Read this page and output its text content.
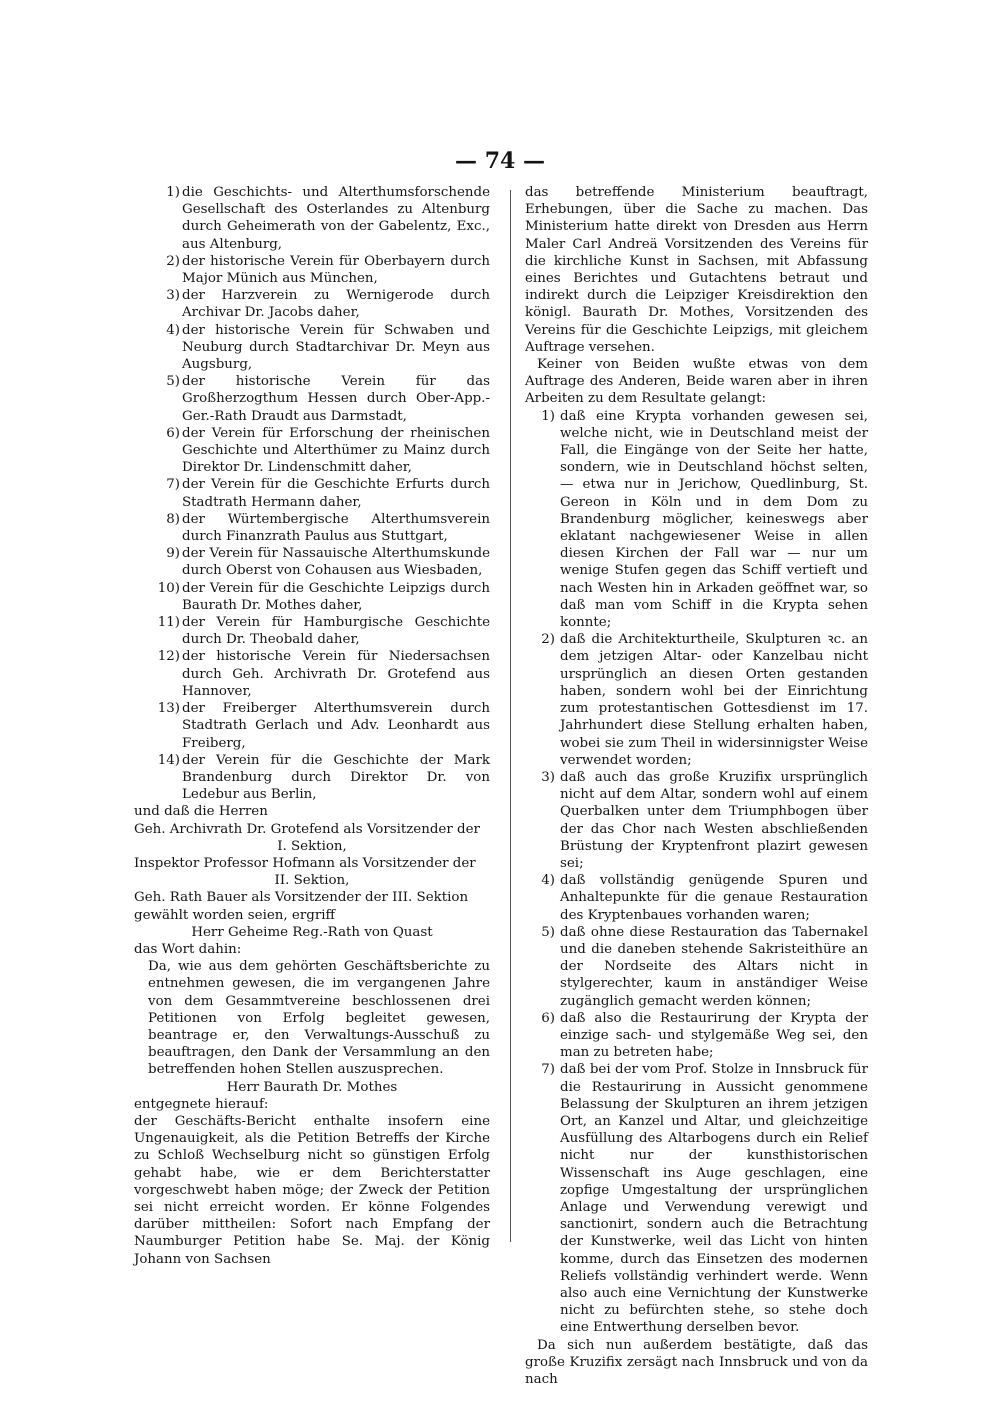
— 74 —
1) die Geschichts- und Alterthumsforschende Gesellschaft des Osterlandes zu Altenburg durch Geheimerath von der Gabelentz, Exc., aus Altenburg,
2) der historische Verein für Oberbayern durch Major Münich aus München,
3) der Harzverein zu Wernigerode durch Archivar Dr. Jacobs daher,
4) der historische Verein für Schwaben und Neuburg durch Stadtarchivar Dr. Meyn aus Augsburg,
5) der historische Verein für das Großherzogthum Hessen durch Ober-App.-Ger.-Rath Draudt aus Darmstadt,
6) der Verein für Erforschung der rheinischen Geschichte und Alterthümer zu Mainz durch Direktor Dr. Lindenschmitt daher,
7) der Verein für die Geschichte Erfurts durch Stadtrath Hermann daher,
8) der Würtembergische Alterthumsverein durch Finanzrath Paulus aus Stuttgart,
9) der Verein für Nassauische Alterthumskunde durch Oberst von Cohausen aus Wiesbaden,
10) der Verein für die Geschichte Leipzigs durch Baurath Dr. Mothes daher,
11) der Verein für Hamburgische Geschichte durch Dr. Theobald daher,
12) der historische Verein für Niedersachsen durch Geh. Archivrath Dr. Grotefend aus Hannover,
13) der Freiberger Alterthumsverein durch Stadtrath Gerlach und Adv. Leonhardt aus Freiberg,
14) der Verein für die Geschichte der Mark Brandenburg durch Direktor Dr. von Ledebur aus Berlin,

und daß die Herren

Geh. Archivrath Dr. Grotefend als Vorsitzender der

I. Sektion,

Inspektor Professor Hofmann als Vorsitzender der

II. Sektion,

Geh. Rath Bauer als Vorsitzender der III. Sektion

gewählt worden seien, ergriff

Herr Geheime Reg.-Rath von Quast

das Wort dahin:

Da, wie aus dem gehörten Geschäftsberichte zu entnehmen gewesen, die im vergangenen Jahre von dem Gesammtvereine beschlossenen drei Petitionen von Erfolg begleitet gewesen, beantrage er, den Verwaltungs-Ausschuß zu beauftragen, den Dank der Versammlung an den betreffenden hohen Stellen auszusprechen.

Herr Baurath Dr. Mothes

entgegnete hierauf:

der Geschäfts-Bericht enthalte insofern eine Ungenauigkeit, als die Petition Betreffs der Kirche zu Schloß Wechselburg nicht so günstigen Erfolg gehabt habe, wie er dem Berichterstatter vorgeschwebt haben möge; der Zweck der Petition sei nicht erreicht worden. Er könne Folgendes darüber mittheilen: Sofort nach Empfang der Naumburger Petition habe Se. Maj. der König Johann von Sachsen

das betreffende Ministerium beauftragt, Erhebungen, über die Sache zu machen. Das Ministerium hatte direkt von Dresden aus Herrn Maler Carl Andreä Vorsitzenden des Vereins für die kirchliche Kunst in Sachsen, mit Abfassung eines Berichtes und Gutachtens betraut und indirekt durch die Leipziger Kreisdirektion den königl. Baurath Dr. Mothes, Vorsitzenden des Vereins für die Geschichte Leipzigs, mit gleichem Auftrage versehen.

Keiner von Beiden wußte etwas von dem Auftrage des Anderen, Beide waren aber in ihren Arbeiten zu dem Resultate gelangt:

1) daß eine Krypta vorhanden gewesen sei, welche nicht, wie in Deutschland meist der Fall, die Eingänge von der Seite her hatte, sondern, wie in Deutschland höchst selten, — etwa nur in Jerichow, Quedlinburg, St. Gereon in Köln und in dem Dom zu Brandenburg möglicher, keineswegs aber eklatant nachgewiesener Weise in allen diesen Kirchen der Fall war — nur um wenige Stufen gegen das Schiff vertieft und nach Westen hin in Arkaden geöffnet war, so daß man vom Schiff in die Krypta sehen konnte;
2) daß die Architekturtheile, Skulpturen ꝛc. an dem jetzigen Altar- oder Kanzelbau nicht ursprünglich an diesen Orten gestanden haben, sondern wohl bei der Einrichtung zum protestantischen Gottesdienst im 17. Jahrhundert diese Stellung erhalten haben, wobei sie zum Theil in widersinnigster Weise verwendet worden;
3) daß auch das große Kruzifix ursprünglich nicht auf dem Altar, sondern wohl auf einem Querbalken unter dem Triumphbogen über der das Chor nach Westen abschließenden Brüstung der Kryptenfront plazirt gewesen sei;
4) daß vollständig genügende Spuren und Anhaltepunkte für die genaue Restauration des Kryptenbaues vorhanden waren;
5) daß ohne diese Restauration das Tabernakel und die daneben stehende Sakristeithüre an der Nordseite des Altars nicht in stylgerechter, kaum in anständiger Weise zugänglich gemacht werden können;
6) daß also die Restaurirung der Krypta der einzige sach- und stylgemäße Weg sei, den man zu betreten habe;
7) daß bei der vom Prof. Stolze in Innsbruck für die Restaurirung in Aussicht genommene Belassung der Skulpturen an ihrem jetzigen Ort, an Kanzel und Altar, und gleichzeitige Ausfüllung des Altarbogens durch ein Relief nicht nur der kunsthistorischen Wissenschaft ins Auge geschlagen, eine zopfige Umgestaltung der ursprünglichen Anlage und Verwendung verewigt und sanctionirt, sondern auch die Betrachtung der Kunstwerke, weil das Licht von hinten komme, durch das Einsetzen des modernen Reliefs vollständig verhindert werde. Wenn also auch eine Vernichtung der Kunstwerke nicht zu befürchten stehe, so stehe doch eine Entwerthung derselben bevor.

Da sich nun außerdem bestätigte, daß das große Kruzifix zersägt nach Innsbruck und von da nach
